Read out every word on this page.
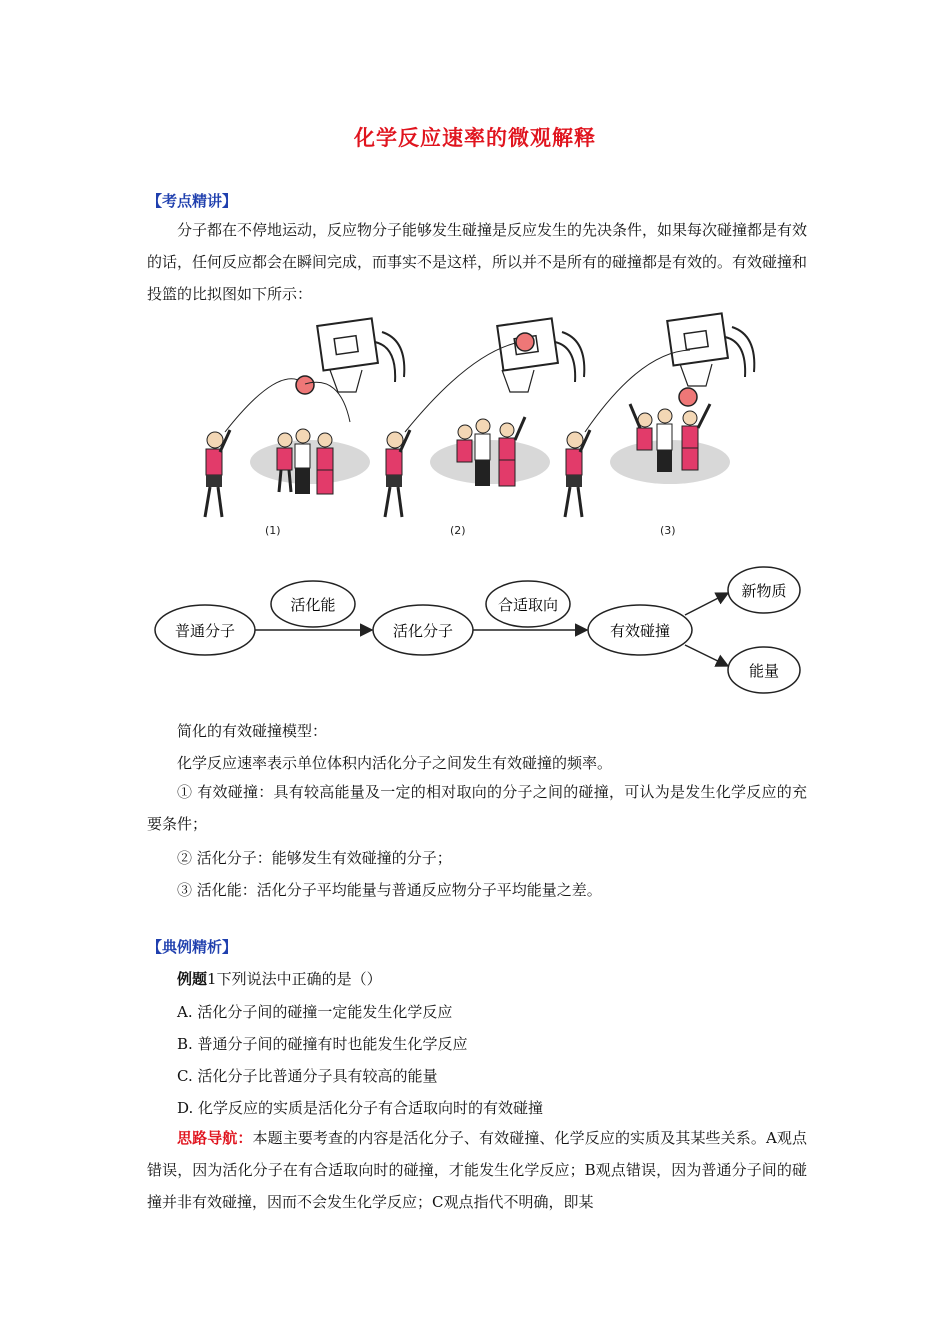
化学反应速率的微观解释
【考点精讲】
分子都在不停地运动，反应物分子能够发生碰撞是反应发生的先决条件，如果每次碰撞都是有效的话，任何反应都会在瞬间完成，而事实不是这样，所以并不是所有的碰撞都是有效的。有效碰撞和投篮的比拟图如下所示：
(1)	(2)	(3)
普通分子
活化能
活化分子
合适取向
有效碰撞
新物质
能量
简化的有效碰撞模型：
化学反应速率表示单位体积内活化分子之间发生有效碰撞的频率。
① 有效碰撞：具有较高能量及一定的相对取向的分子之间的碰撞，可认为是发生化学反应的充要条件；
② 活化分子：能够发生有效碰撞的分子；
③ 活化能：活化分子平均能量与普通反应物分子平均能量之差。
【典例精析】
例题1下列说法中正确的是（）
A. 活化分子间的碰撞一定能发生化学反应
B. 普通分子间的碰撞有时也能发生化学反应
C. 活化分子比普通分子具有较高的能量
D. 化学反应的实质是活化分子有合适取向时的有效碰撞
思路导航：本题主要考查的内容是活化分子、有效碰撞、化学反应的实质及其某些关系。A观点错误，因为活化分子在有合适取向时的碰撞，才能发生化学反应；B观点错误，因为普通分子间的碰撞并非有效碰撞，因而不会发生化学反应；C观点指代不明确，即某
